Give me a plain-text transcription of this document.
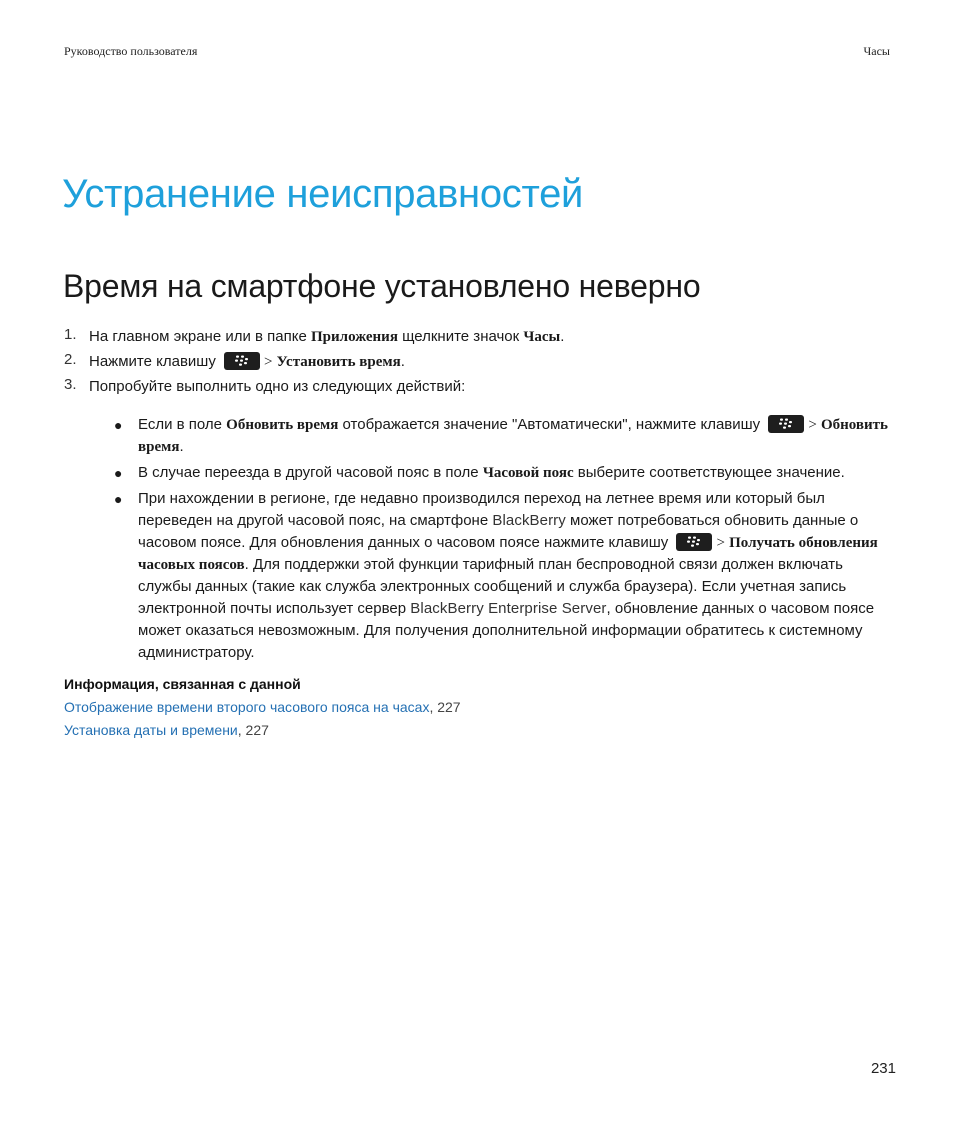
Руководство пользователя	Часы
Устранение неисправностей
Время на смартфоне установлено неверно
1. На главном экране или в папке Приложения щелкните значок Часы.
2. Нажмите клавишу	> Установить время.
3. Попробуйте выполнить одно из следующих действий:
● Если в поле Обновить время отображается значение "Автоматически", нажмите клавишу	> Обновить время.
● В случае переезда в другой часовой пояс в поле Часовой пояс выберите соответствующее значение.
● При нахождении в регионе, где недавно производился переход на летнее время или который был переведен на другой часовой пояс, на смартфоне BlackBerry может потребоваться обновить данные о часовом поясе. Для обновления данных о часовом поясе нажмите клавишу	> Получать обновления часовых поясов. Для поддержки этой функции тарифный план беспроводной связи должен включать службы данных (такие как служба электронных сообщений и служба браузера). Если учетная запись электронной почты использует сервер BlackBerry Enterprise Server, обновление данных о часовом поясе может оказаться невозможным. Для получения дополнительной информации обратитесь к системному администратору.
Информация, связанная с данной
Отображение времени второго часового пояса на часах, 227
Установка даты и времени, 227
231
